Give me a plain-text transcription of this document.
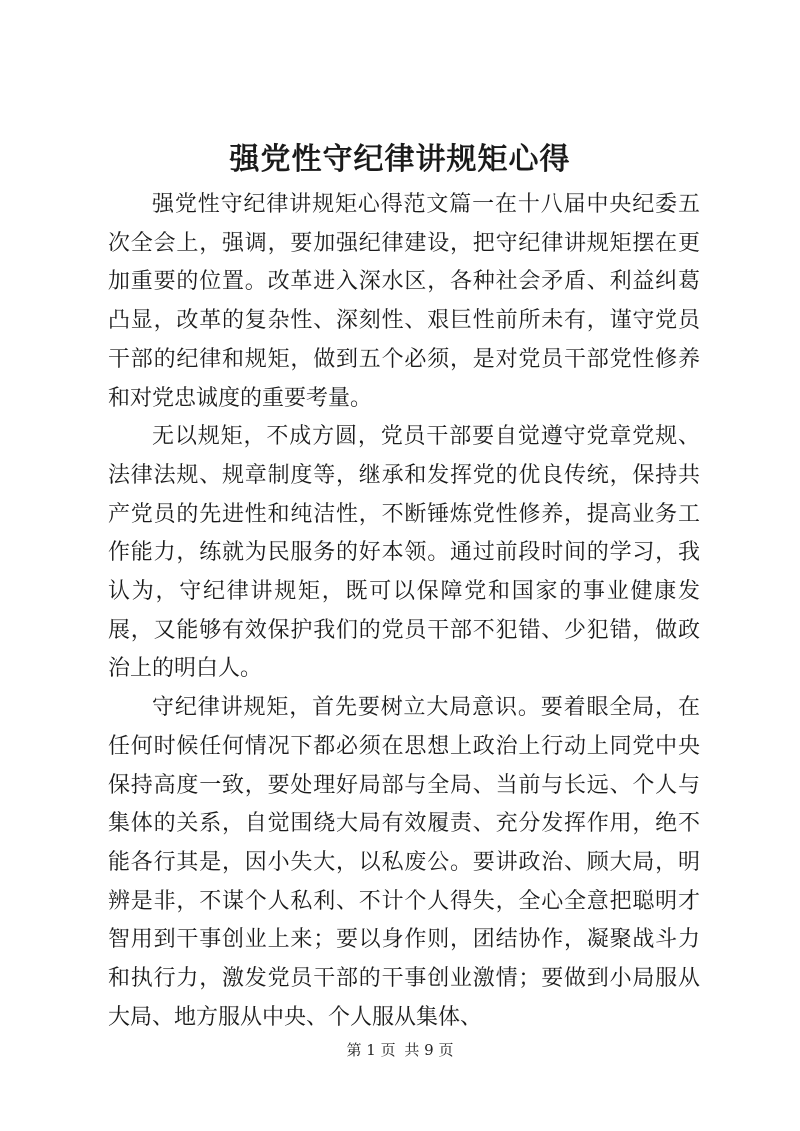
强党性守纪律讲规矩心得

强党性守纪律讲规矩心得范文篇一在十八届中央纪委五次全会上，强调，要加强纪律建设，把守纪律讲规矩摆在更加重要的位置。改革进入深水区，各种社会矛盾、利益纠葛凸显，改革的复杂性、深刻性、艰巨性前所未有，谨守党员干部的纪律和规矩，做到五个必须，是对党员干部党性修养和对党忠诚度的重要考量。

无以规矩，不成方圆，党员干部要自觉遵守党章党规、法律法规、规章制度等，继承和发挥党的优良传统，保持共产党员的先进性和纯洁性，不断锤炼党性修养，提高业务工作能力，练就为民服务的好本领。通过前段时间的学习，我认为，守纪律讲规矩，既可以保障党和国家的事业健康发展，又能够有效保护我们的党员干部不犯错、少犯错，做政治上的明白人。

守纪律讲规矩，首先要树立大局意识。要着眼全局，在任何时候任何情况下都必须在思想上政治上行动上同党中央保持高度一致，要处理好局部与全局、当前与长远、个人与集体的关系，自觉围绕大局有效履责、充分发挥作用，绝不能各行其是，因小失大，以私废公。要讲政治、顾大局，明辨是非，不谋个人私利、不计个人得失，全心全意把聪明才智用到干事创业上来；要以身作则，团结协作，凝聚战斗力和执行力，激发党员干部的干事创业激情；要做到小局服从大局、地方服从中央、个人服从集体、

第 1 页 共 9 页
